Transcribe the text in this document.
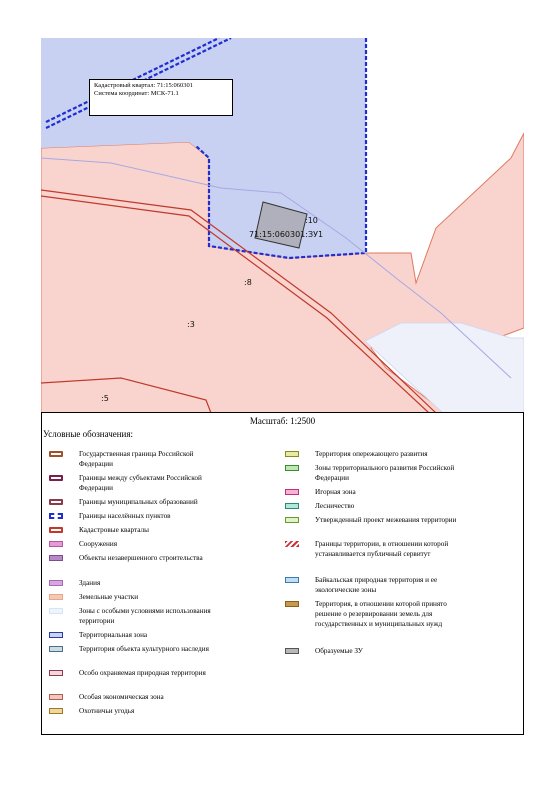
Кадастровый квартал: 71:15:060301
Система координат: МСК-71.1
71:15:060301:ЗУ1
:10
:8
:3
:5
Масштаб: 1:2500
Условные обозначения:
Государственная граница Российской Федерации
Границы между субъектами Российской Федерации
Границы муниципальных образований
Границы населённых пунктов
Кадастровые кварталы
Сооружения
Объекты незавершенного строительства
Здания
Земельные участки
Зоны с особыми условиями использования территории
Территориальная зона
Территория объекта культурного наследия
Особо охраняемая природная территория
Особая экономическая зона
Охотничьи угодья
Территория опережающего развития
Зоны территориального развития Российской Федерации
Игорная зона
Лесничество
Утвержденный проект межевания территории
Границы территории, в отношении которой устанавливается публичный сервитут
Байкальская природная территория и ее экологические зоны
Территория, в отношении которой принято решение о резервировании земель для государственных и муниципальных нужд
Образуемые ЗУ
